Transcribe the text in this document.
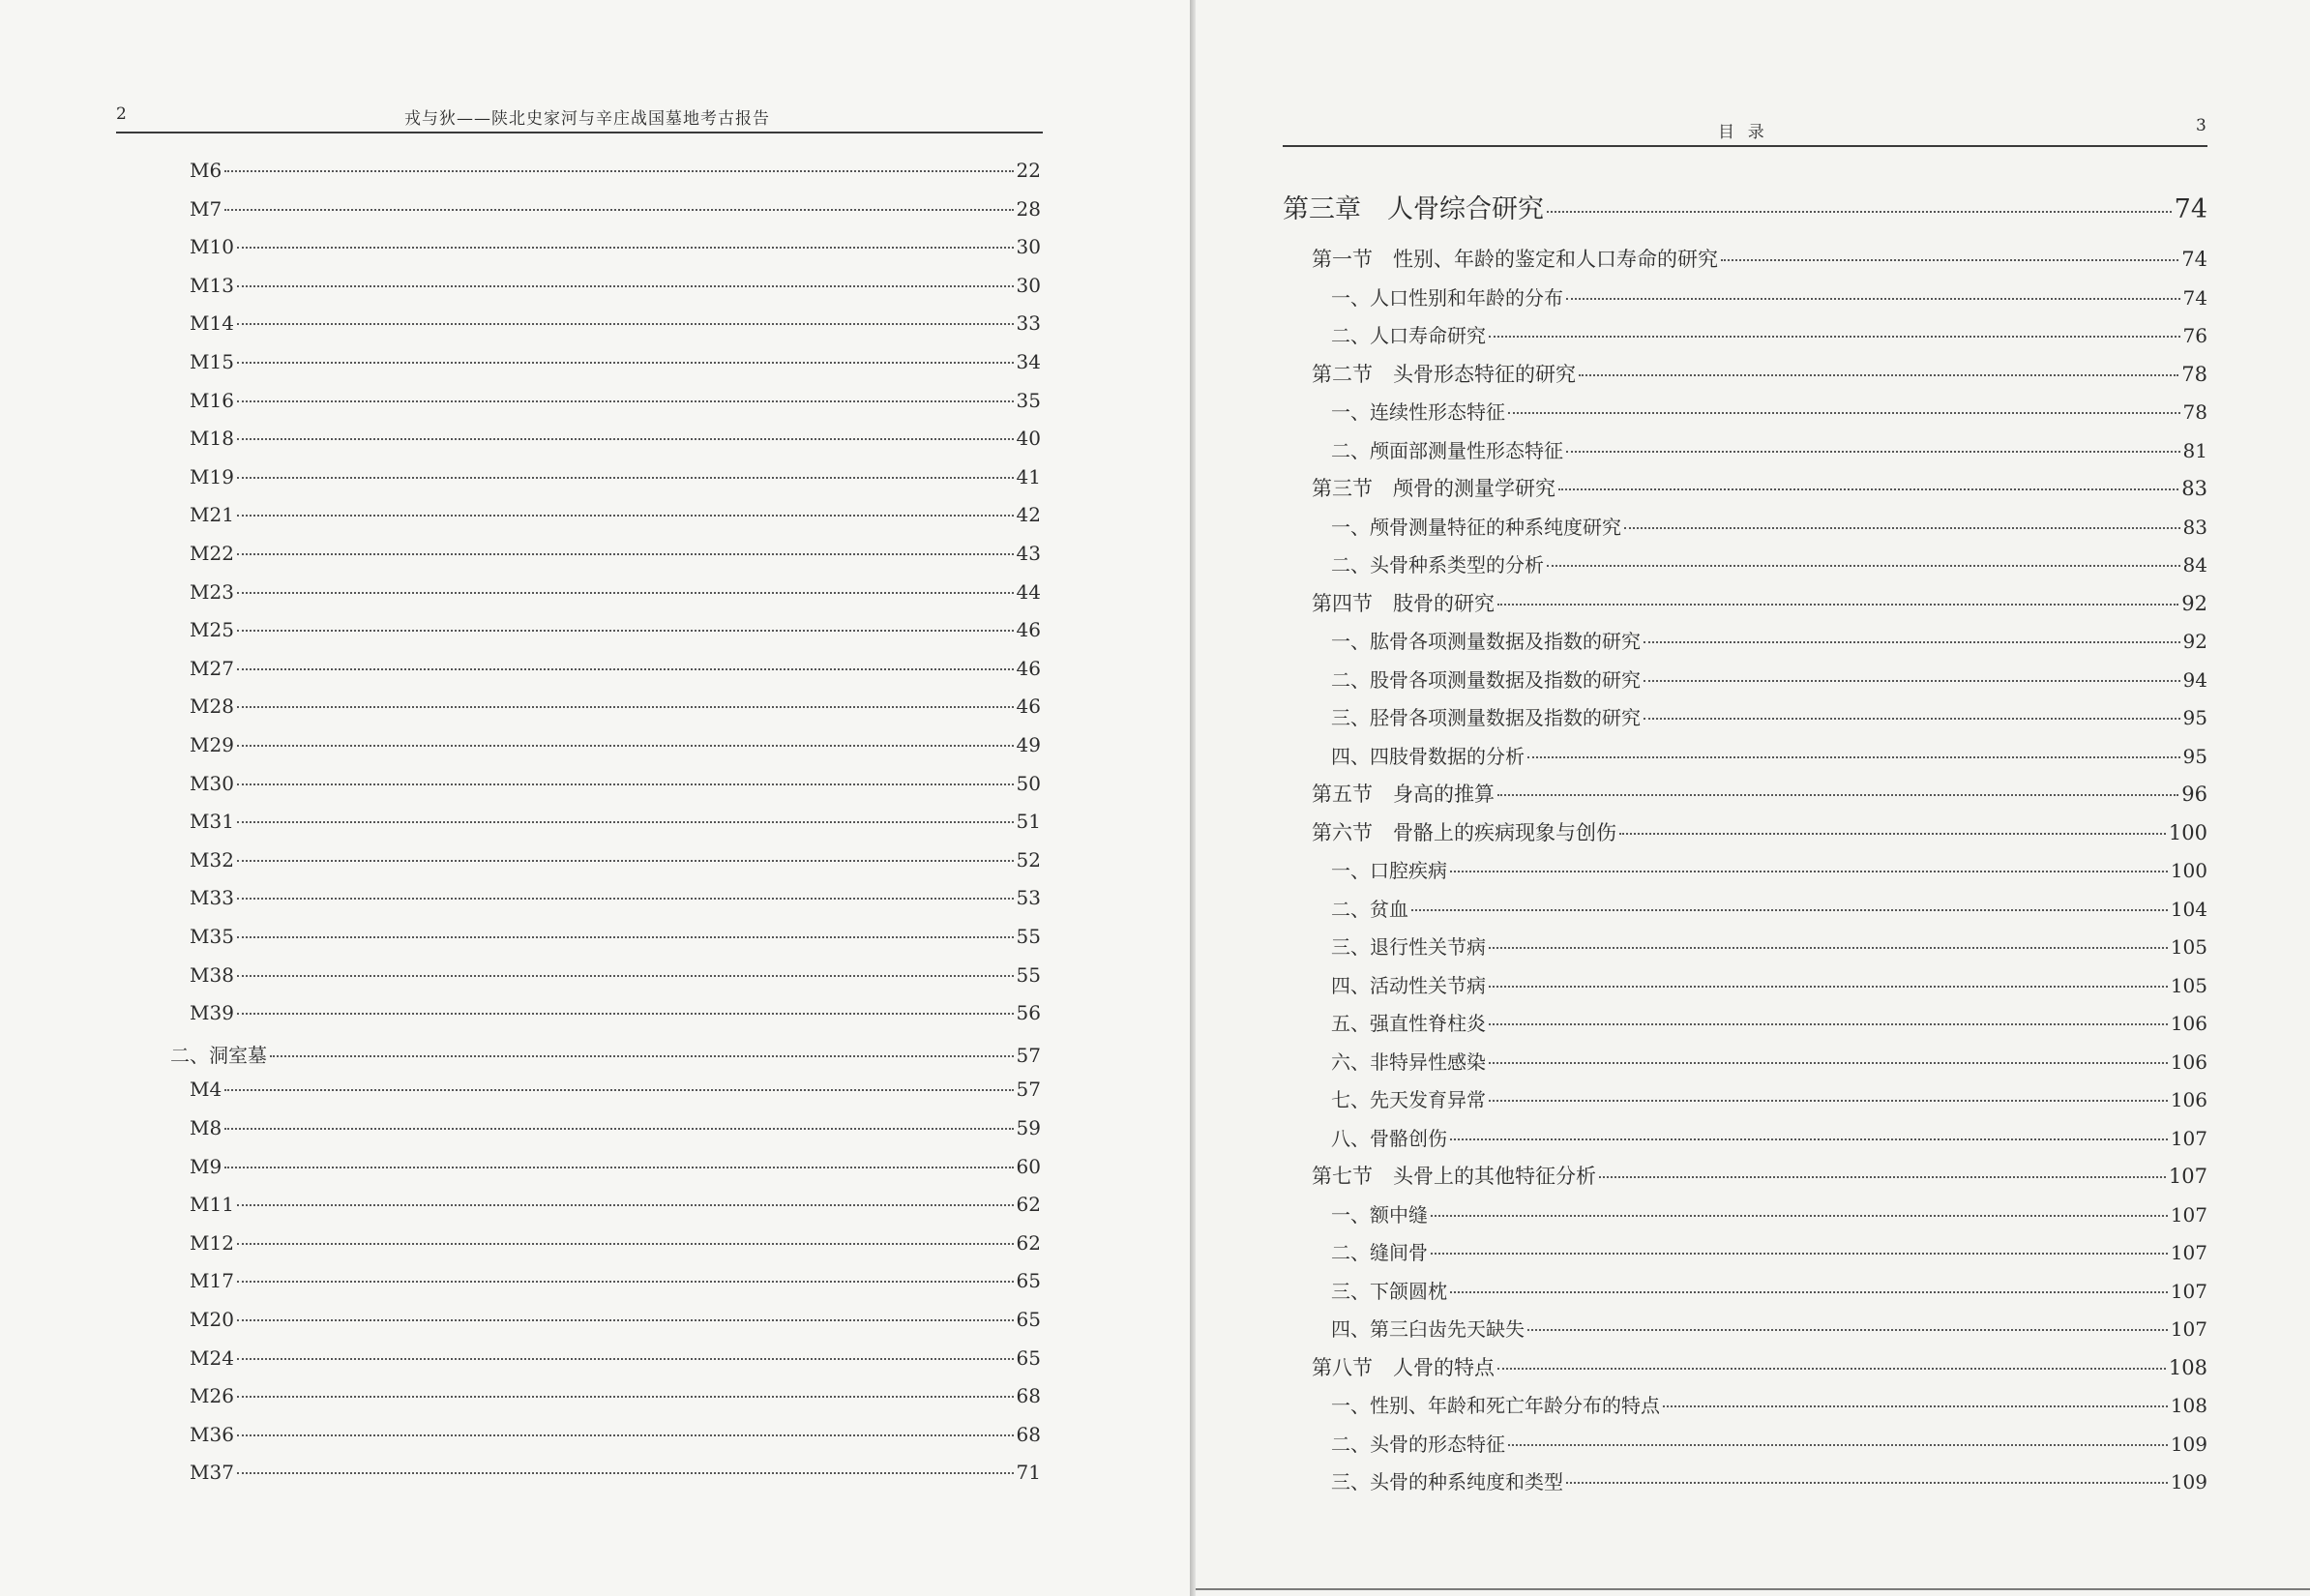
2	戎与狄——陕北史家河与辛庄战国墓地考古报告
M6	22
M7	28
M10	30
M13	30
M14	33
M15	34
M16	35
M18	40
M19	41
M21	42
M22	43
M23	44
M25	46
M27	46
M28	46
M29	49
M30	50
M31	51
M32	52
M33	53
M35	55
M38	55
M39	56
二、洞室墓	57
M4	57
M8	59
M9	60
M11	62
M12	62
M17	65
M20	65
M24	65
M26	68
M36	68
M37	71
目  录	3
第三章　人骨综合研究	74
第一节　性别、年龄的鉴定和人口寿命的研究	74
一、人口性别和年龄的分布	74
二、人口寿命研究	76
第二节　头骨形态特征的研究	78
一、连续性形态特征	78
二、颅面部测量性形态特征	81
第三节　颅骨的测量学研究	83
一、颅骨测量特征的种系纯度研究	83
二、头骨种系类型的分析	84
第四节　肢骨的研究	92
一、肱骨各项测量数据及指数的研究	92
二、股骨各项测量数据及指数的研究	94
三、胫骨各项测量数据及指数的研究	95
四、四肢骨数据的分析	95
第五节　身高的推算	96
第六节　骨骼上的疾病现象与创伤	100
一、口腔疾病	100
二、贫血	104
三、退行性关节病	105
四、活动性关节病	105
五、强直性脊柱炎	106
六、非特异性感染	106
七、先天发育异常	106
八、骨骼创伤	107
第七节　头骨上的其他特征分析	107
一、额中缝	107
二、缝间骨	107
三、下颌圆枕	107
四、第三臼齿先天缺失	107
第八节　人骨的特点	108
一、性别、年龄和死亡年龄分布的特点	108
二、头骨的形态特征	109
三、头骨的种系纯度和类型	109
